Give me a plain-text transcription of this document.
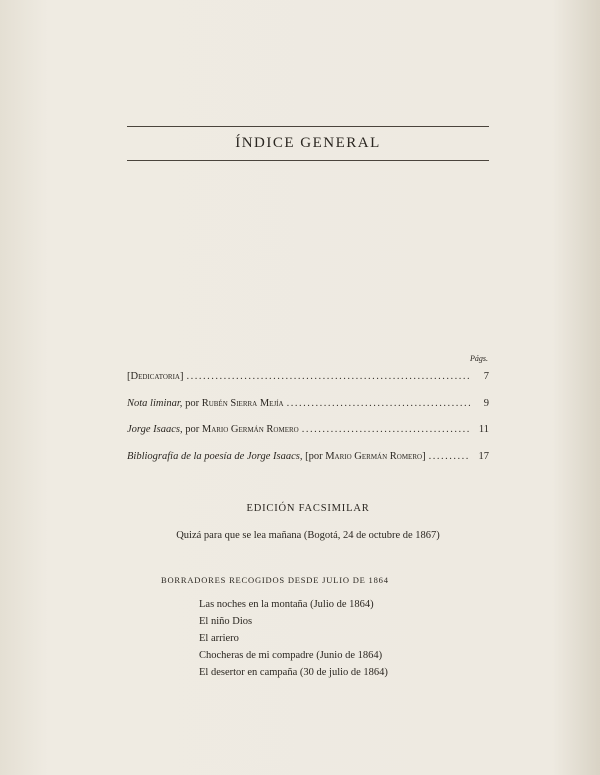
ÍNDICE GENERAL
Págs.
[Dedicatoria] .....	7
Nota liminar, por Rubén Sierra Mejía .....	9
Jorge Isaacs, por Mario Germán Romero .....	11
Bibliografía de la poesía de Jorge Isaacs, [por Mario Germán Romero] .....	17
EDICIÓN FACSIMILAR
Quizá para que se lea mañana (Bogotá, 24 de octubre de 1867)
BORRADORES RECOGIDOS DESDE JULIO DE 1864
Las noches en la montaña (Julio de 1864)
El niño Dios
El arriero
Chocheras de mi compadre (Junio de 1864)
El desertor en campaña (30 de julio de 1864)
